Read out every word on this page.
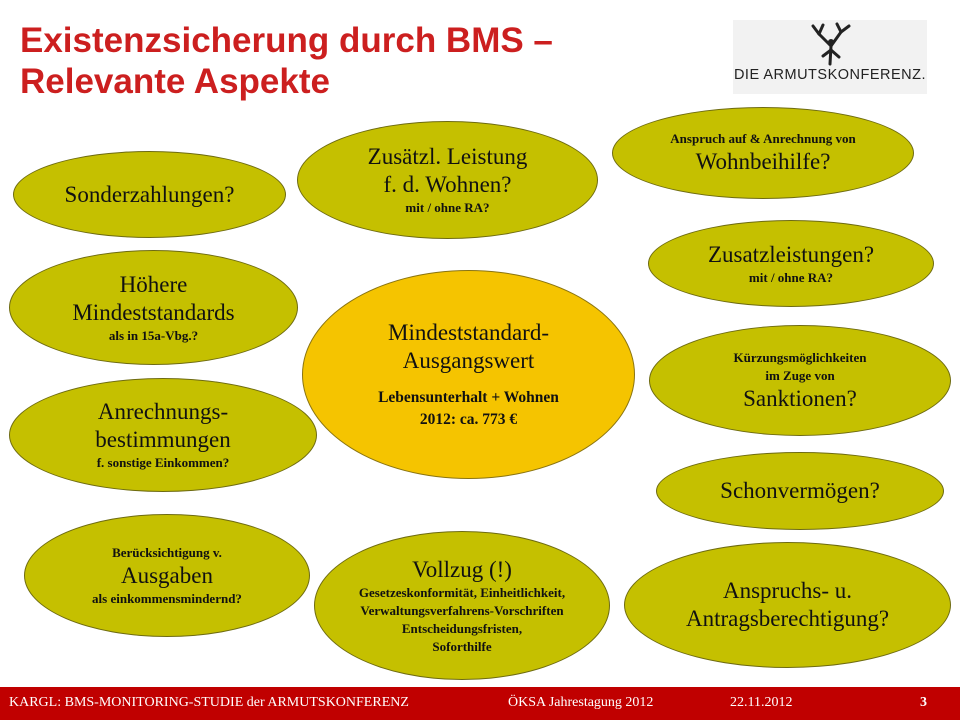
Existenzsicherung durch BMS –
Relevante Aspekte	DIE ARMUTSKONFERENZ.
Sonderzahlungen?
Zusätzl. Leistung
f. d. Wohnen?
mit / ohne RA?
Anspruch auf & Anrechnung von
Wohnbeihilfe?
Höhere
Mindeststandards
als in 15a-Vbg.?
Zusatzleistungen?
mit / ohne RA?
Mindeststandard-
Ausgangswert
Lebensunterhalt + Wohnen
2012: ca. 773 €
Kürzungsmöglichkeiten
im Zuge von
Sanktionen?
Anrechnungs-
bestimmungen
f. sonstige Einkommen?
Schonvermögen?
Berücksichtigung v.
Ausgaben
als einkommensmindernd?
Vollzug (!)
Gesetzeskonformität, Einheitlichkeit,
Verwaltungsverfahrens-Vorschriften
Entscheidungsfristen,
Soforthilfe
Anspruchs- u.
Antragsberechtigung?
KARGL: BMS-MONITORING-STUDIE der ARMUTSKONFERENZ	ÖKSA Jahrestagung 2012	22.11.2012	3
